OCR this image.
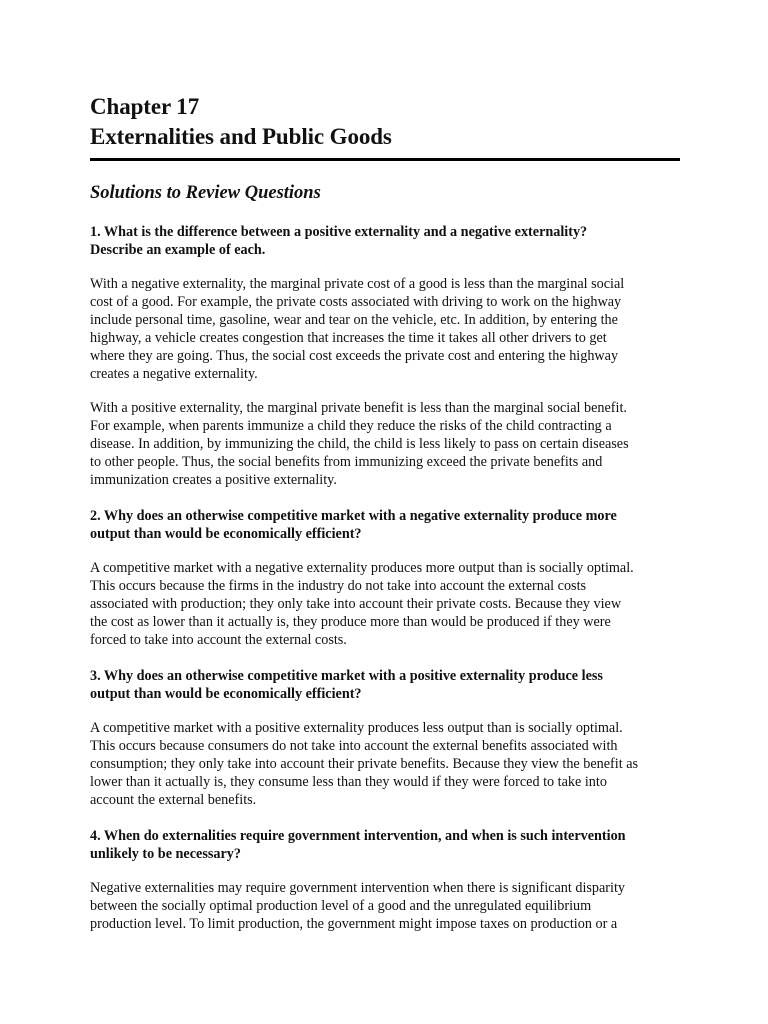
Chapter 17
Externalities and Public Goods
Solutions to Review Questions
1. What is the difference between a positive externality and a negative externality?
Describe an example of each.
With a negative externality, the marginal private cost of a good is less than the marginal social
cost of a good. For example, the private costs associated with driving to work on the highway
include personal time, gasoline, wear and tear on the vehicle, etc. In addition, by entering the
highway, a vehicle creates congestion that increases the time it takes all other drivers to get
where they are going. Thus, the social cost exceeds the private cost and entering the highway
creates a negative externality.
With a positive externality, the marginal private benefit is less than the marginal social benefit.
For example, when parents immunize a child they reduce the risks of the child contracting a
disease. In addition, by immunizing the child, the child is less likely to pass on certain diseases
to other people. Thus, the social benefits from immunizing exceed the private benefits and
immunization creates a positive externality.
2. Why does an otherwise competitive market with a negative externality produce more
output than would be economically efficient?
A competitive market with a negative externality produces more output than is socially optimal.
This occurs because the firms in the industry do not take into account the external costs
associated with production; they only take into account their private costs. Because they view
the cost as lower than it actually is, they produce more than would be produced if they were
forced to take into account the external costs.
3. Why does an otherwise competitive market with a positive externality produce less
output than would be economically efficient?
A competitive market with a positive externality produces less output than is socially optimal.
This occurs because consumers do not take into account the external benefits associated with
consumption; they only take into account their private benefits. Because they view the benefit as
lower than it actually is, they consume less than they would if they were forced to take into
account the external benefits.
4. When do externalities require government intervention, and when is such intervention
unlikely to be necessary?
Negative externalities may require government intervention when there is significant disparity
between the socially optimal production level of a good and the unregulated equilibrium
production level. To limit production, the government might impose taxes on production or a
